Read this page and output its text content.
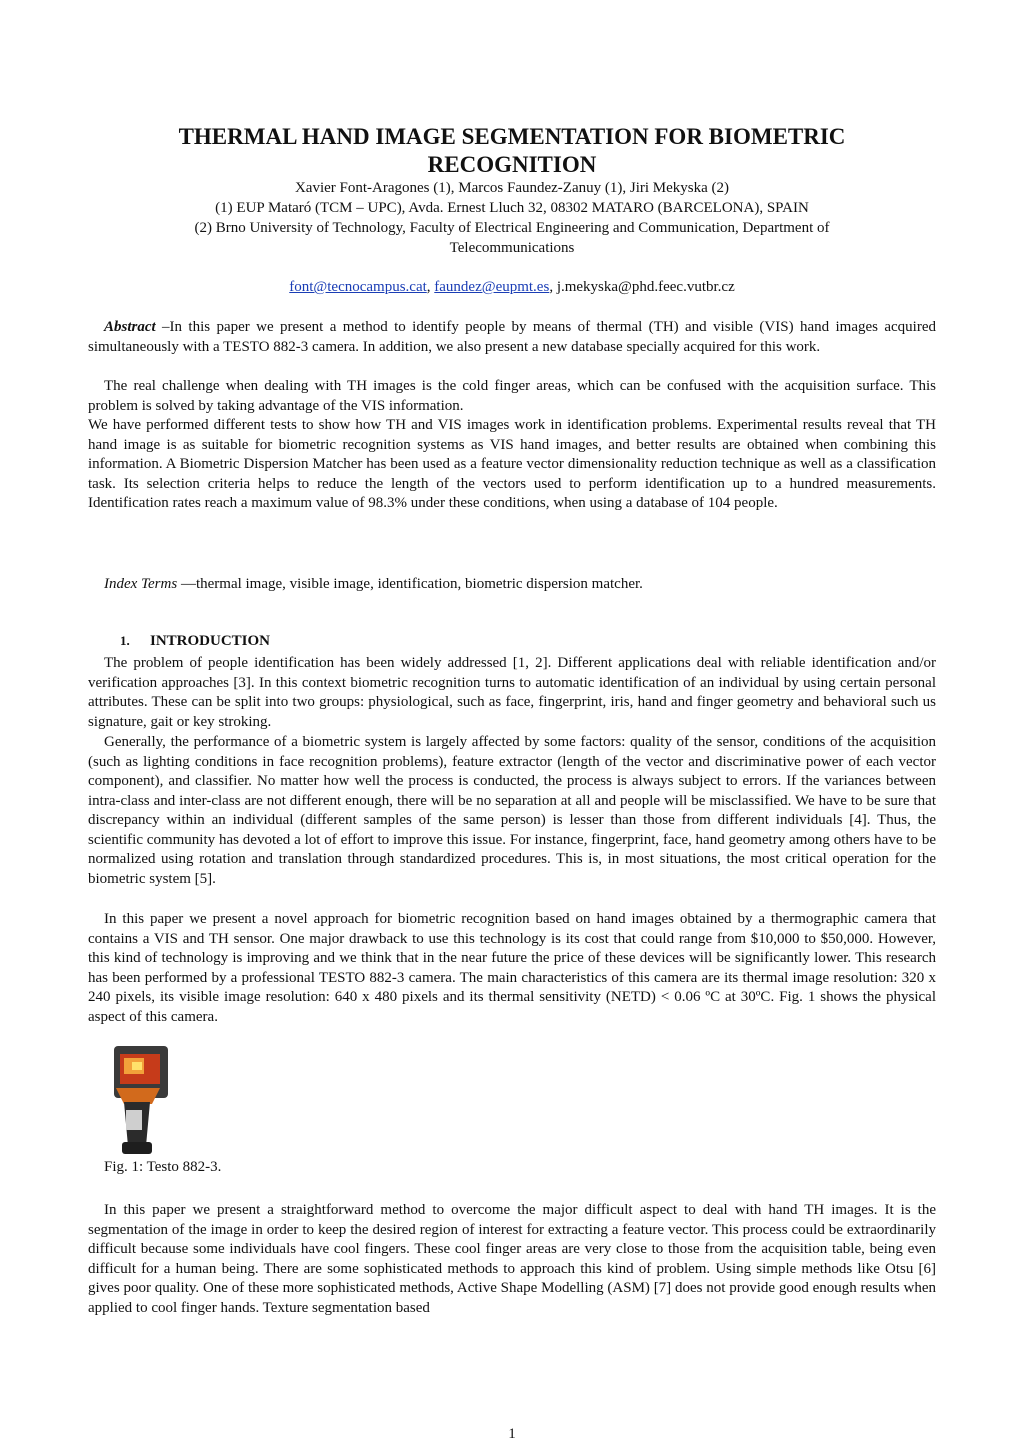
THERMAL HAND IMAGE SEGMENTATION FOR BIOMETRIC
RECOGNITION
Xavier Font-Aragones (1), Marcos Faundez-Zanuy (1), Jiri Mekyska (2)
(1) EUP Mataró (TCM – UPC), Avda. Ernest Lluch 32, 08302 MATARO (BARCELONA), SPAIN
(2) Brno University of Technology, Faculty of Electrical Engineering and Communication, Department of
Telecommunications
font@tecnocampus.cat, faundez@eupmt.es, j.mekyska@phd.feec.vutbr.cz
Abstract –In this paper we present a method to identify people by means of thermal (TH) and visible (VIS) hand images acquired simultaneously with a TESTO 882-3 camera. In addition, we also present a new database specially acquired for this work.
The real challenge when dealing with TH images is the cold finger areas, which can be confused with the acquisition surface. This problem is solved by taking advantage of the VIS information.
We have performed different tests to show how TH and VIS images work in identification problems. Experimental results reveal that TH hand image is as suitable for biometric recognition systems as VIS hand images, and better results are obtained when combining this information. A Biometric Dispersion Matcher has been used as a feature vector dimensionality reduction technique as well as a classification task. Its selection criteria helps to reduce the length of the vectors used to perform identification up to a hundred measurements. Identification rates reach a maximum value of 98.3% under these conditions, when using a database of 104 people.
Index Terms —thermal image, visible image, identification, biometric dispersion matcher.
1. INTRODUCTION
The problem of people identification has been widely addressed [1, 2]. Different applications deal with reliable identification and/or verification approaches [3]. In this context biometric recognition turns to automatic identification of an individual by using certain personal attributes. These can be split into two groups: physiological, such as face, fingerprint, iris, hand and finger geometry and behavioral such us signature, gait or key stroking.
Generally, the performance of a biometric system is largely affected by some factors: quality of the sensor, conditions of the acquisition (such as lighting conditions in face recognition problems), feature extractor (length of the vector and discriminative power of each vector component), and classifier. No matter how well the process is conducted, the process is always subject to errors. If the variances between intra-class and inter-class are not different enough, there will be no separation at all and people will be misclassified. We have to be sure that discrepancy within an individual (different samples of the same person) is lesser than those from different individuals [4]. Thus, the scientific community has devoted a lot of effort to improve this issue. For instance, fingerprint, face, hand geometry among others have to be normalized using rotation and translation through standardized procedures. This is, in most situations, the most critical operation for the biometric system [5].
In this paper we present a novel approach for biometric recognition based on hand images obtained by a thermographic camera that contains a VIS and TH sensor. One major drawback to use this technology is its cost that could range from $10,000 to $50,000. However, this kind of technology is improving and we think that in the near future the price of these devices will be significantly lower. This research has been performed by a professional TESTO 882-3 camera. The main characteristics of this camera are its thermal image resolution: 320 x 240 pixels, its visible image resolution: 640 x 480 pixels and its thermal sensitivity (NETD) < 0.06 ºC at 30ºC. Fig. 1 shows the physical aspect of this camera.
Fig. 1: Testo 882-3.
In this paper we present a straightforward method to overcome the major difficult aspect to deal with hand TH images. It is the segmentation of the image in order to keep the desired region of interest for extracting a feature vector. This process could be extraordinarily difficult because some individuals have cool fingers. These cool finger areas are very close to those from the acquisition table, being even difficult for a human being. There are some sophisticated methods to approach this kind of problem. Using simple methods like Otsu [6] gives poor quality. One of these more sophisticated methods, Active Shape Modelling (ASM) [7] does not provide good enough results when applied to cool finger hands. Texture segmentation based
1
